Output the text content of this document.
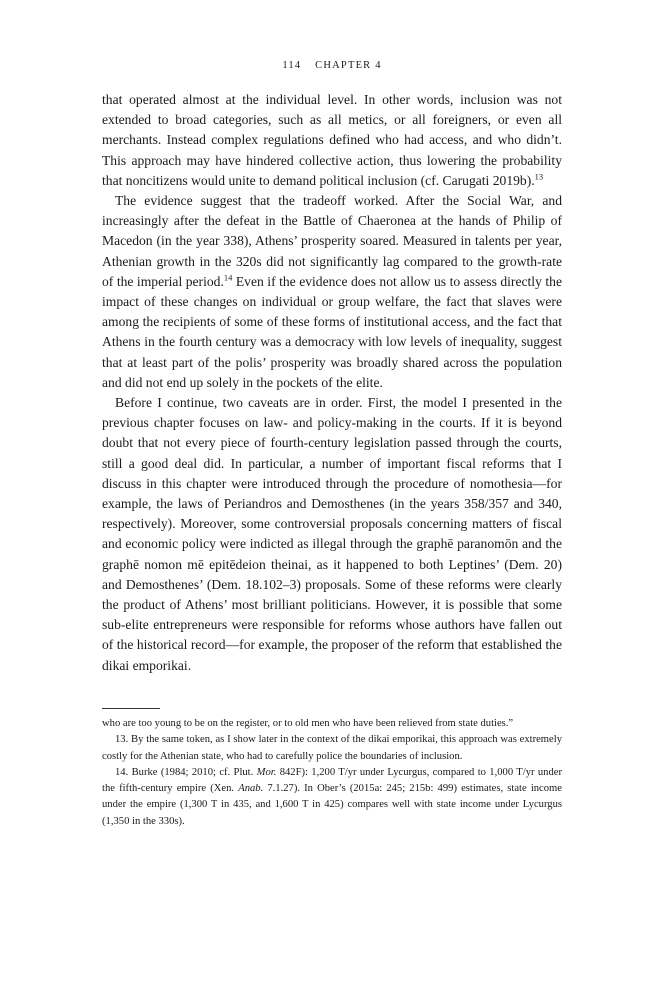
114 CHAPTER 4

that operated almost at the individual level. In other words, inclusion was not extended to broad categories, such as all metics, or all foreigners, or even all merchants. Instead complex regulations defined who had access, and who didn’t. This approach may have hindered collective action, thus lowering the probability that noncitizens would unite to demand political inclusion (cf. Carugati 2019b).$^{13}$

The evidence suggest that the tradeoff worked. After the Social War, and increasingly after the defeat in the Battle of Chaeronea at the hands of Philip of Macedon (in the year 338), Athens’ prosperity soared. Measured in talents per year, Athenian growth in the 320s did not significantly lag compared to the growth-rate of the imperial period.$^{14}$ Even if the evidence does not allow us to assess directly the impact of these changes on individual or group welfare, the fact that slaves were among the recipients of some of these forms of institutional access, and the fact that Athens in the fourth century was a democracy with low levels of inequality, suggest that at least part of the polis’ prosperity was broadly shared across the population and did not end up solely in the pockets of the elite.

Before I continue, two caveats are in order. First, the model I presented in the previous chapter focuses on law- and policy-making in the courts. If it is beyond doubt that not every piece of fourth-century legislation passed through the courts, still a good deal did. In particular, a number of important fiscal reforms that I discuss in this chapter were introduced through the procedure of nomothesia—for example, the laws of Periandros and Demosthenes (in the years 358/357 and 340, respectively). Moreover, some controversial proposals concerning matters of fiscal and economic policy were indicted as illegal through the graphē paranomōn and the graphē nomon mē epitēdeion theinai, as it happened to both Leptines’ (Dem. 20) and Demosthenes’ (Dem. 18.102–3) proposals. Some of these reforms were clearly the product of Athens’ most brilliant politicians. However, it is possible that some sub-elite entrepreneurs were responsible for reforms whose authors have fallen out of the historical record—for example, the proposer of the reform that established the dikai emporikai.

who are too young to be on the register, or to old men who have been relieved from state duties.”

13. By the same token, as I show later in the context of the dikai emporikai, this approach was extremely costly for the Athenian state, who had to carefully police the boundaries of inclusion.

14. Burke (1984; 2010; cf. Plut. Mor. 842F): 1,200 T/yr under Lycurgus, compared to 1,000 T/yr under the fifth-century empire (Xen. Anab. 7.1.27). In Ober’s (2015a: 245; 215b: 499) estimates, state income under the empire (1,300 T in 435, and 1,600 T in 425) compares well with state income under Lycurgus (1,350 in the 330s).
